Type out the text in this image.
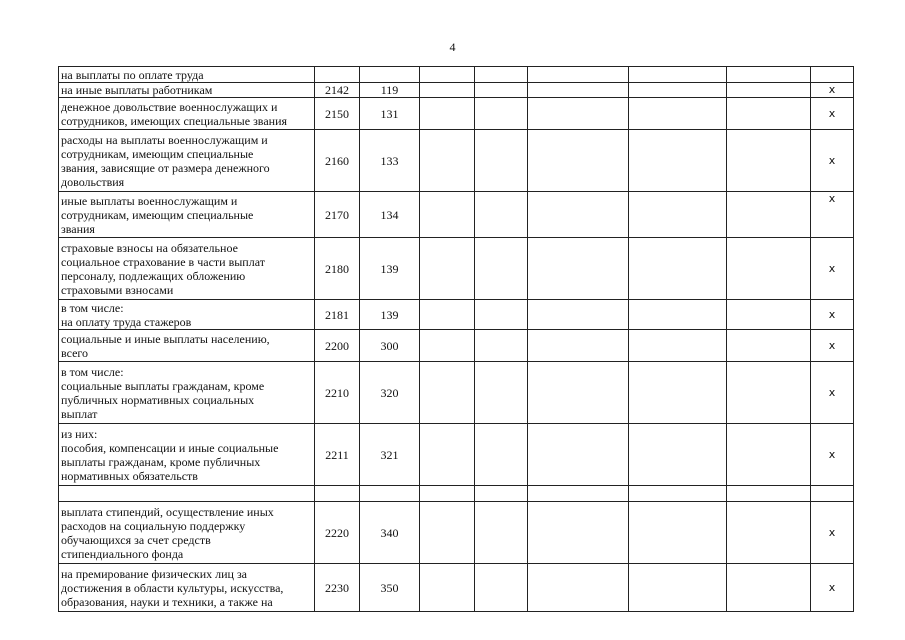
4
на выплаты по оплате труда								
на иные выплаты работникам	2142	119						x
денежное довольствие военнослужащих и
сотрудников, имеющих специальные звания	2150	131						x
расходы на выплаты военнослужащим и
сотрудникам, имеющим специальные
звания, зависящие от размера денежного
довольствия	2160	133						x
иные выплаты военнослужащим и
сотрудникам, имеющим специальные
звания	2170	134						x
страховые взносы на обязательное
социальное страхование в части выплат
персоналу, подлежащих обложению
страховыми взносами	2180	139						x
в том числе:
на оплату труда стажеров	2181	139						x
социальные и иные выплаты населению,
всего	2200	300						x
в том числе:
социальные выплаты гражданам, кроме
публичных нормативных социальных
выплат	2210	320						x
из них:
пособия, компенсации и иные социальные
выплаты гражданам, кроме публичных
нормативных обязательств	2211	321						x

выплата стипендий, осуществление иных
расходов на социальную поддержку
обучающихся за счет средств
стипендиального фонда	2220	340						x
на премирование физических лиц за
достижения в области культуры, искусства,
образования, науки и техники, а также на	2230	350						x
